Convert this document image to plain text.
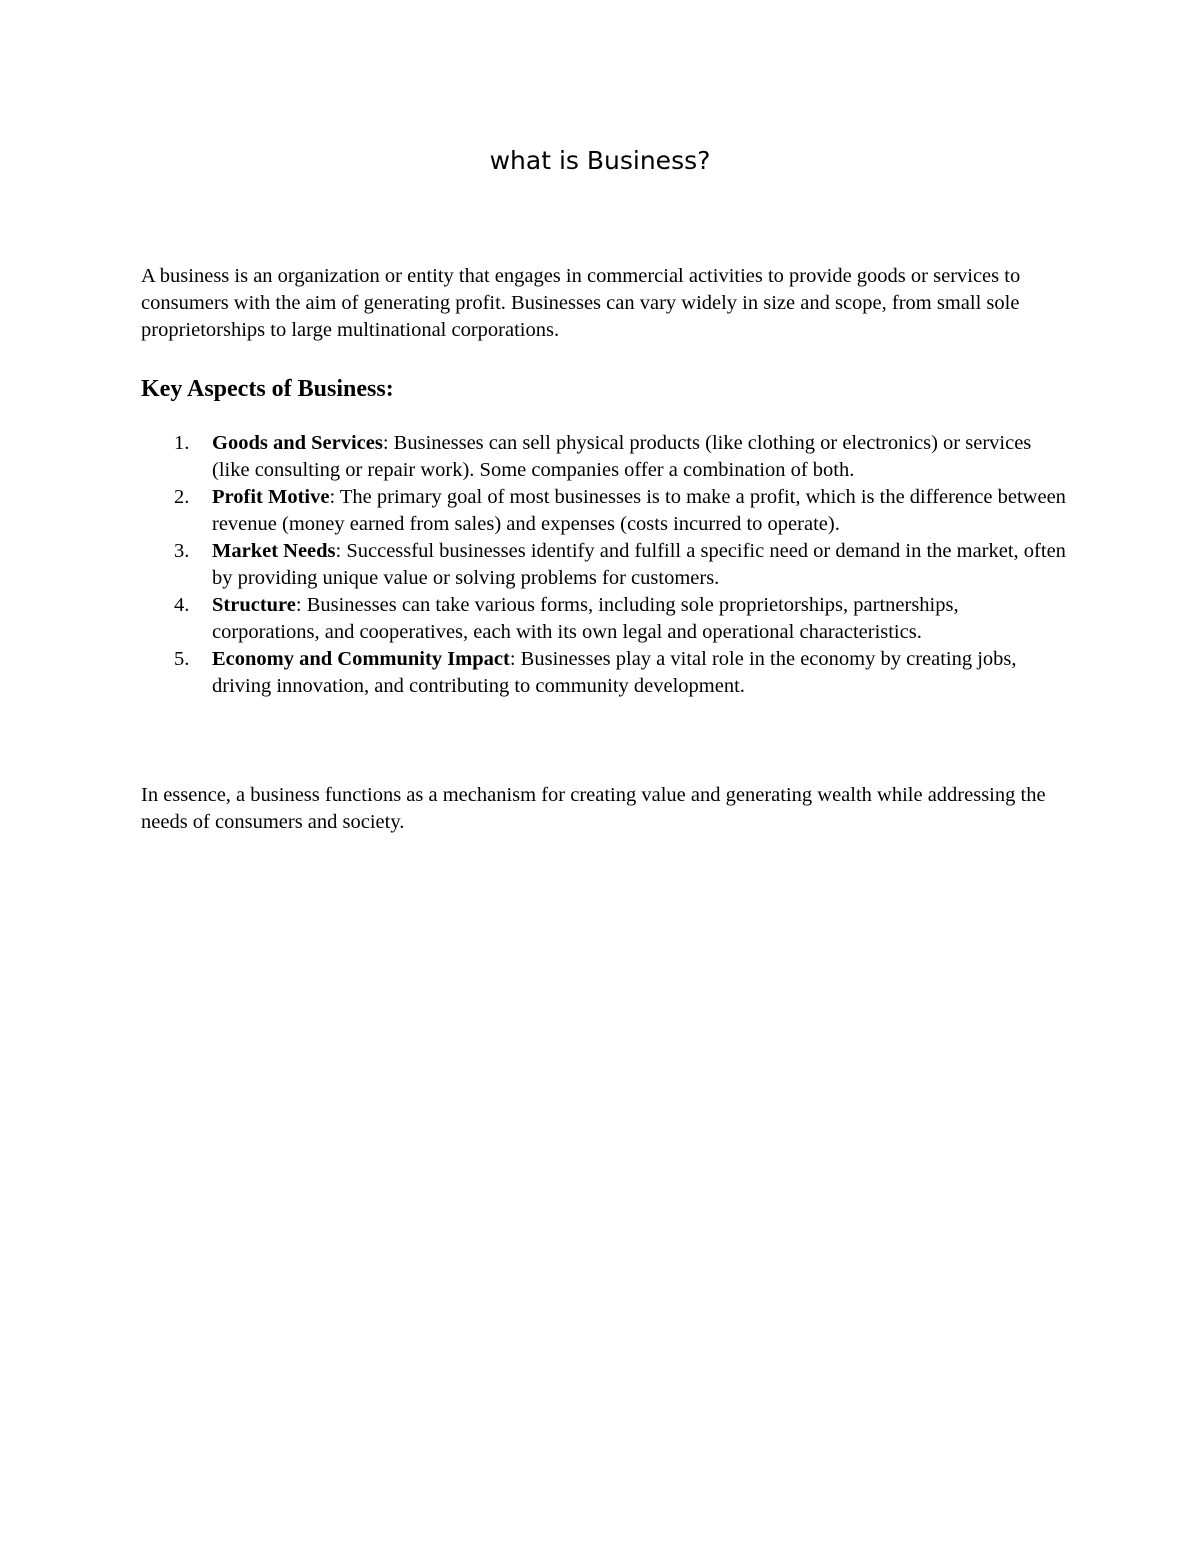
what is Business?

A business is an organization or entity that engages in commercial activities to provide goods or services to consumers with the aim of generating profit. Businesses can vary widely in size and scope, from small sole proprietorships to large multinational corporations.

Key Aspects of Business:
1. Goods and Services: Businesses can sell physical products (like clothing or electronics) or services (like consulting or repair work). Some companies offer a combination of both.
2. Profit Motive: The primary goal of most businesses is to make a profit, which is the difference between revenue (money earned from sales) and expenses (costs incurred to operate).
3. Market Needs: Successful businesses identify and fulfill a specific need or demand in the market, often by providing unique value or solving problems for customers.
4. Structure: Businesses can take various forms, including sole proprietorships, partnerships, corporations, and cooperatives, each with its own legal and operational characteristics.
5. Economy and Community Impact: Businesses play a vital role in the economy by creating jobs, driving innovation, and contributing to community development.

In essence, a business functions as a mechanism for creating value and generating wealth while addressing the needs of consumers and society.
